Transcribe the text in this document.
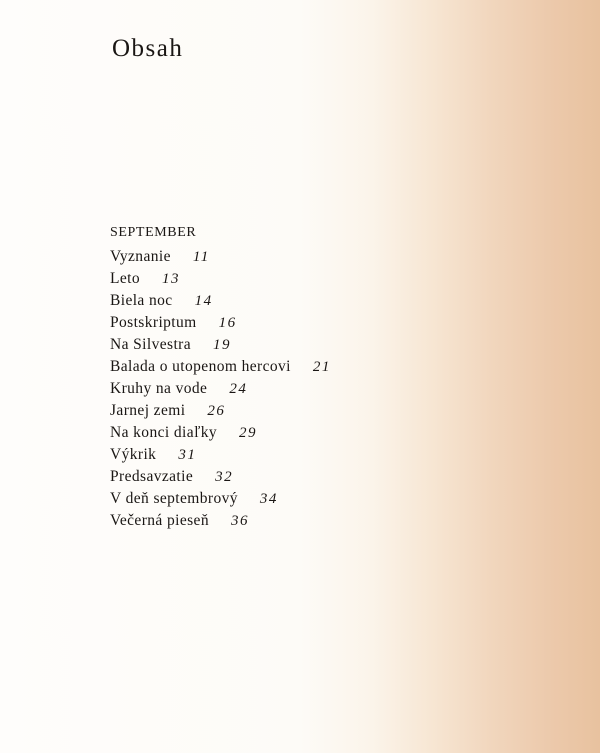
Obsah
SEPTEMBER
Vyznanie 11
Leto 13
Biela noc 14
Postskriptum 16
Na Silvestra 19
Balada o utopenom hercovi 21
Kruhy na vode 24
Jarnej zemi 26
Na konci diaľky 29
Výkrik 31
Predsavzatie 32
V deň septembrový 34
Večerná pieseň 36
